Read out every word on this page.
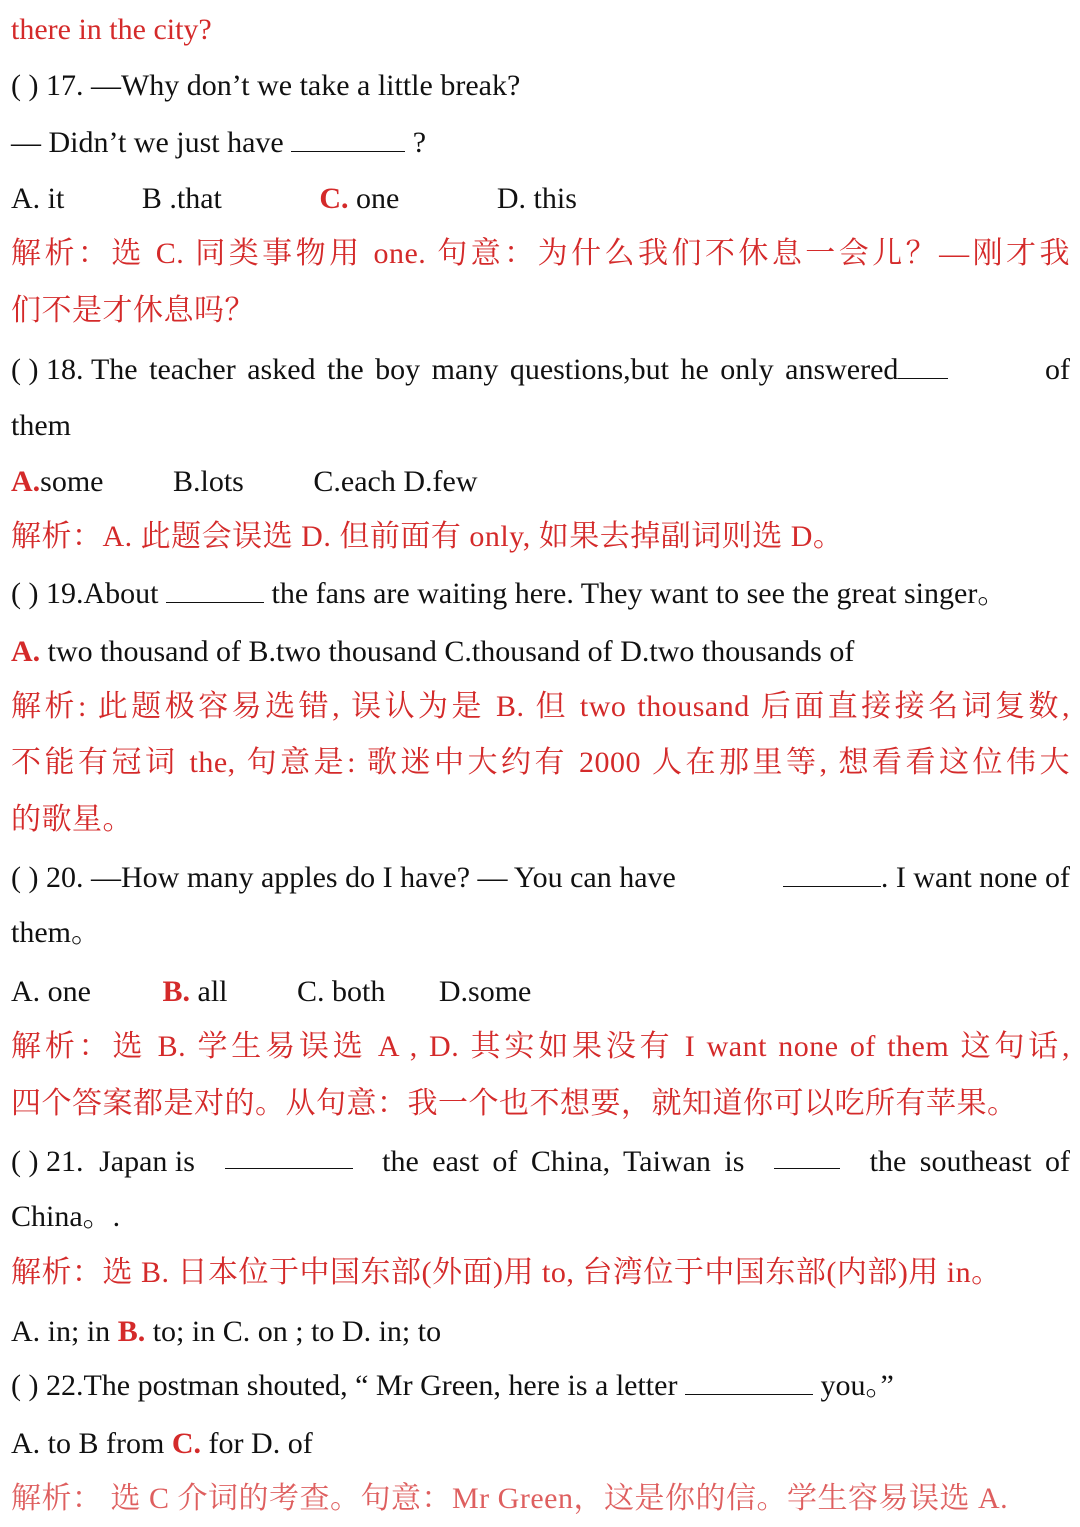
there in the city?
( ) 17. —Why don’t we take a little break?
— Didn’t we just have	?
A. it	B .that	C. one	D. this
解析：选 C. 同类事物用 one. 句意：为什么我们不休息一会儿？—刚才我
们不是才休息吗？
( ) 18. The teacher asked the boy many questions,but he only answered	of
them
A.some B.lots C.each D.few
解析：A. 此题会误选 D. 但前面有 only, 如果去掉副词则选 D。
( ) 19.About	the fans are waiting here. They want to see the great singer。
A. two thousand of B.two thousand C.thousand of D.two thousands of
解析: 此题极容易选错, 误认为是 B. 但 two thousand 后面直接接名词复数,
不能有冠词 the, 句意是: 歌迷中大约有 2000 人在那里等, 想看看这位伟大
的歌星。
( ) 20. —How many apples do I have? — You can have	. I want none of
them。
A. one B. all C. both D.some
解析：选 B. 学生易误选 A , D. 其实如果没有 I want none of them 这句话,
四个答案都是对的。从句意：我一个也不想要，就知道你可以吃所有苹果。
( ) 21. Japan is	the east of China, Taiwan is	the southeast of
China。.
解析：选 B. 日本位于中国东部(外面)用 to, 台湾位于中国东部(内部)用 in。
A. in; in B. to; in C. on ; to D. in; to
( ) 22.The postman shouted, “ Mr Green, here is a letter	you。”
A. to B from C. for D. of
解析： 选 C 介词的考查。句意：Mr Green，这是你的信。学生容易误选 A.
